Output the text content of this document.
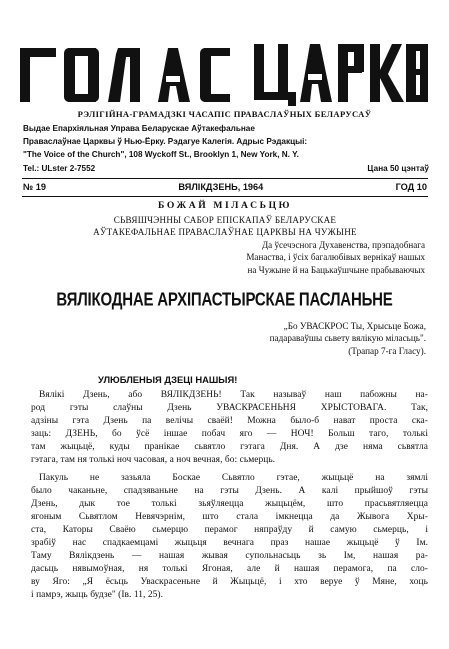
РЭЛІГІЙНА-ГРАМАДЗКІ ЧАСАПІС ПРАВАСЛАЎНЫХ БЕЛАРУСАЎ
Выдае Епархіяльная Управа Беларускае Аўтакефальнае
Праваслаўнае Царквы ў Нью-Ёрку. Рэдагуе Калегія. Адрыс Рэдакцыі:
"The Voice of the Church", 108 Wyckoff St., Brooklyn 1, New York, N. Y.
Tel.: ULster 2-7552	Цана 50 цэнтаў
№ 19	ВЯЛІКДЗЕНЬ, 1964	ГОД 10
БОЖАЙ МІЛАСЬЦЮ
СЬВЯШЧЭННЫ САБОР ЕПІСКАПАЎ БЕЛАРУСКАЕ
АЎТАКЕФАЛЬНАЕ ПРАВАСЛАЎНАЕ ЦАРКВЫ НА ЧУЖЫНЕ
Да ўсечэснога Духавенства, прэпадобнага
Манаства, і ўсіх багалюбівых вернікаў нашых
на Чужыне й на Бацькаўшчыне прабываючых
ВЯЛІКОДНАЕ АРХІПАСТЫРСКАЕ ПАСЛАНЬНЕ
„Бо УВАСКРОС Ты, Хрысьце Божа,
падараваўшы сьвету вялікую міласьць".
(Трапар 7-га Гласу).
УЛЮБЛЕНЫЯ ДЗЕЦІ НАШЫЯ!
Вялікі Дзень, або ВЯЛІКДЗЕНЬ! Так называў наш пабожны на-
род гэты слаўны Дзень УВАСКРАСЕНЬНЯ ХРЫСТОВАГА. Так,
адзіны гэта Дзень па велічы сваёй! Можна было-б нават проста ска-
заць: ДЗЕНЬ, бо ўсё іншае побач яго — НОЧ! Больш таго, толькі
там жыцьцё, куды пранікае сьвятло гэтага Дня. А дзе няма сьвятла
гэтага, там ня толькі ноч часовая, а ноч вечная, бо: сьмерць.
Пакуль не зазьяла Боскае Сьвятло гэтае, жыцьцё на зямлі
было чаканьне, спадзяваньне на гэты Дзень. А калі прыйшоў гэты
Дзень, дык тое толькі зьяўляецца жыцьцём, што прасьвятляецца
ягоным Сьвятлом Невячэрнім, што стала імкнецца да Жывога Хры-
ста, Каторы Сваёю сьмерцю перамог няпраўду й самую сьмерць, і
зрабіў нас спадкаемцамі жыцьця вечнага праз нашае жыцьцё ў Ім.
Таму Вялікдзень — нашая жывая супольнасьць зь Ім, нашая ра-
дасьць нявымоўная, ня толькі Ягоная, але й нашая перамога, па сло-
ву Яго: „Я ёсьць Уваскрасеньне й Жыцьцё, і хто веруе ў Мяне, хоць
і памрэ, жыць будзе" (Ів. 11, 25).
